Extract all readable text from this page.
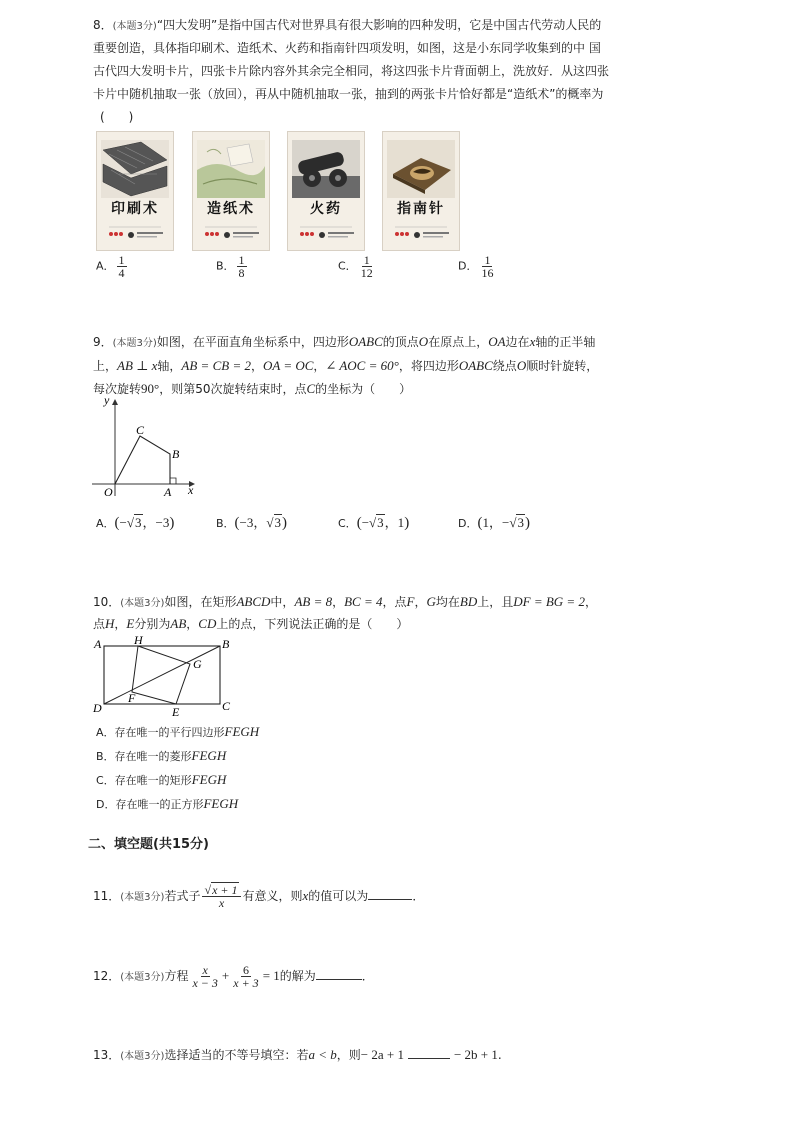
8．(本题3分)“四大发明”是指中国古代对世界具有很大影响的四种发明，它是中国古代劳动人民的
重要创造，具体指印刷术、造纸术、火药和指南针四项发明，如图，这是小东同学收集到的中 国
古代四大发明卡片，四张卡片除内容外其余完全相同，将这四张卡片背面朝上，洗放好．从这四张
卡片中随机抽取一张（放回），再从中随机抽取一张，抽到的两张卡片恰好都是“造纸术”的概率为
(　　)
印刷术	造纸术	火药	指南针
A． $\frac{1}{4}$	B． $\frac{1}{8}$	C． $\frac{1}{12}$	D． $\frac{1}{16}$
9．(本题3分)如图，在平面直角坐标系中，四边形OABC的顶点O在原点上，OA边在x轴的正半轴
上，AB ⊥ x轴，AB = CB = 2，OA = OC，∠ AOC = 60°，将四边形OABC绕点O顺时针旋转，
每次旋转90°，则第50次旋转结束时，点C的坐标为（　　）
y
x
O	A
B
C
A．(−√3，−3)	B．(−3，√3)	C．(−√3，1)	D．(1，−√3)
10．(本题3分)如图，在矩形ABCD中，AB = 8，BC = 4，点F，G均在BD上，且DF = BG = 2，
点H，E分别为AB，CD上的点，下列说法正确的是（　　）
A	B
C
D	E
F
G
H
A．存在唯一的平行四边形FEGH
B．存在唯一的菱形FEGH
C．存在唯一的矩形FEGH
D．存在唯一的正方形FEGH
二、填空题(共15分)
11．(本题3分)若式子 $\frac{√x + 1}{x}$ 有意义，则x的值可以为	．
12．(本题3分)方程 $\frac{x}{x - 3} + \frac{6}{x + 3} = 1$的解为	．
13．(本题3分)选择适当的不等号填空：若a < b，则− 2a + 1	− 2b + 1.
